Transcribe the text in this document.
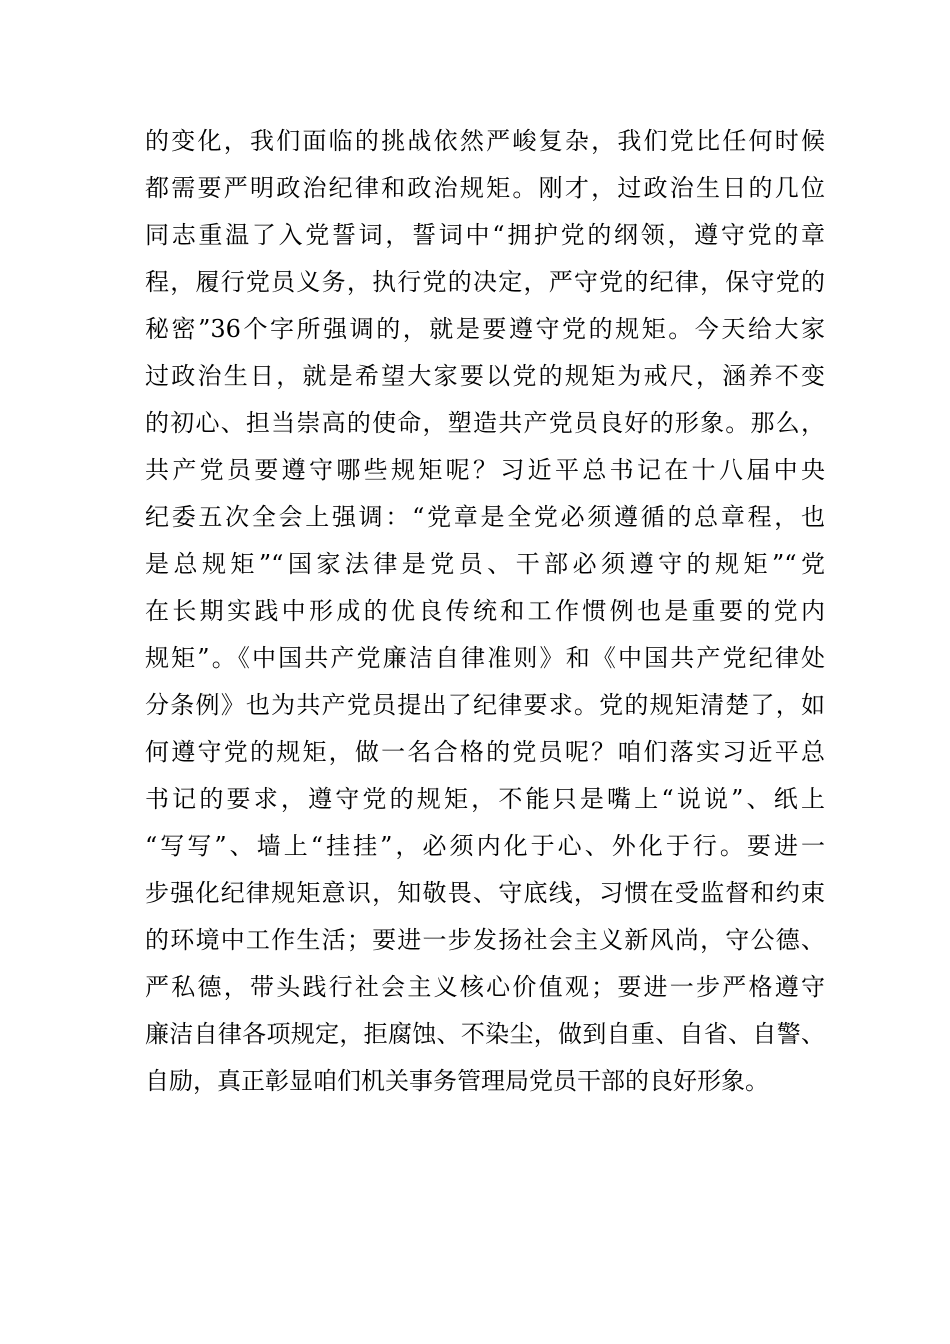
的变化，我们面临的挑战依然严峻复杂，我们党比任何时候
都需要严明政治纪律和政治规矩。刚才，过政治生日的几位
同志重温了入党誓词，誓词中“拥护党的纲领，遵守党的章
程，履行党员义务，执行党的决定，严守党的纪律，保守党的
秘密”36个字所强调的，就是要遵守党的规矩。今天给大家
过政治生日，就是希望大家要以党的规矩为戒尺，涵养不变
的初心、担当崇高的使命，塑造共产党员良好的形象。那么，
共产党员要遵守哪些规矩呢？习近平总书记在十八届中央
纪委五次全会上强调：“党章是全党必须遵循的总章程，也
是总规矩”“国家法律是党员、干部必须遵守的规矩”“党
在长期实践中形成的优良传统和工作惯例也是重要的党内
规矩”。《中国共产党廉洁自律准则》和《中国共产党纪律处
分条例》也为共产党员提出了纪律要求。党的规矩清楚了，如
何遵守党的规矩，做一名合格的党员呢？咱们落实习近平总
书记的要求，遵守党的规矩，不能只是嘴上“说说”、纸上
“写写”、墙上“挂挂”，必须内化于心、外化于行。要进一
步强化纪律规矩意识，知敬畏、守底线，习惯在受监督和约束
的环境中工作生活；要进一步发扬社会主义新风尚，守公德、
严私德，带头践行社会主义核心价值观；要进一步严格遵守
廉洁自律各项规定，拒腐蚀、不染尘，做到自重、自省、自警、
自励，真正彰显咱们机关事务管理局党员干部的良好形象。
